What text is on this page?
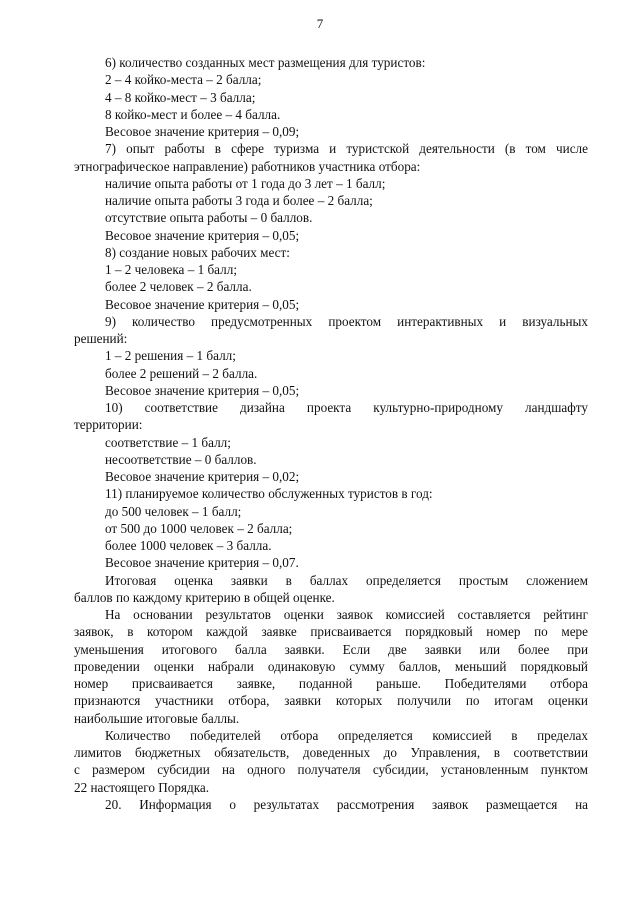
7
6) количество созданных мест размещения для туристов:
2 – 4 койко-места – 2 балла;
4 – 8 койко-мест – 3 балла;
8 койко-мест и более – 4 балла.
Весовое значение критерия – 0,09;
7) опыт работы в сфере туризма и туристской деятельности (в том числе
этнографическое направление) работников участника отбора:
наличие опыта работы от 1 года до 3 лет – 1 балл;
наличие опыта работы 3 года и более – 2 балла;
отсутствие опыта работы – 0 баллов.
Весовое значение критерия – 0,05;
8) создание новых рабочих мест:
1 – 2 человека – 1 балл;
более 2 человек – 2 балла.
Весовое значение критерия – 0,05;
9) количество предусмотренных проектом интерактивных и визуальных
решений:
1 – 2 решения – 1 балл;
более 2 решений – 2 балла.
Весовое значение критерия – 0,05;
10) соответствие дизайна проекта культурно-природному ландшафту
территории:
соответствие – 1 балл;
несоответствие – 0 баллов.
Весовое значение критерия – 0,02;
11) планируемое количество обслуженных туристов в год:
до 500 человек – 1 балл;
от 500 до 1000 человек – 2 балла;
более 1000 человек – 3 балла.
Весовое значение критерия – 0,07.
Итоговая оценка заявки в баллах определяется простым сложением
баллов по каждому критерию в общей оценке.
На основании результатов оценки заявок комиссией составляется рейтинг
заявок, в котором каждой заявке присваивается порядковый номер по мере
уменьшения итогового балла заявки. Если две заявки или более при
проведении оценки набрали одинаковую сумму баллов, меньший порядковый
номер присваивается заявке, поданной раньше. Победителями отбора
признаются участники отбора, заявки которых получили по итогам оценки
наибольшие итоговые баллы.
Количество победителей отбора определяется комиссией в пределах
лимитов бюджетных обязательств, доведенных до Управления, в соответствии
с размером субсидии на одного получателя субсидии, установленным пунктом
22 настоящего Порядка.
20. Информация о результатах рассмотрения заявок размещается на
